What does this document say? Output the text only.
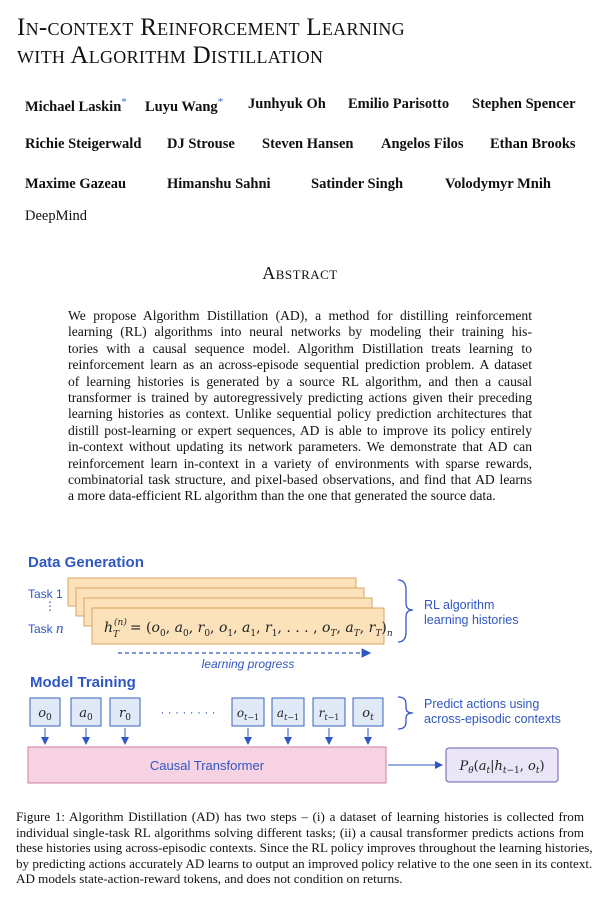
In-context Reinforcement Learning
with Algorithm Distillation
Michael Laskin* Luyu Wang* Junhyuk Oh Emilio Parisotto Stephen Spencer
Richie Steigerwald DJ Strouse Steven Hansen Angelos Filos Ethan Brooks
Maxime Gazeau	Himanshu Sahni	Satinder Singh	Volodymyr Mnih
DeepMind
Abstract
We propose Algorithm Distillation (AD), a method for distilling reinforcement
learning (RL) algorithms into neural networks by modeling their training his-
tories with a causal sequence model. Algorithm Distillation treats learning to
reinforcement learn as an across-episode sequential prediction problem. A dataset
of learning histories is generated by a source RL algorithm, and then a causal
transformer is trained by autoregressively predicting actions given their preceding
learning histories as context. Unlike sequential policy prediction architectures that
distill post-learning or expert sequences, AD is able to improve its policy entirely
in-context without updating its network parameters. We demonstrate that AD can
reinforcement learn in-context in a variety of environments with sparse rewards,
combinatorial task structure, and pixel-based observations, and find that AD learns
a more data-efficient RL algorithm than the one that generated the source data.
Data Generation
Task 1
⋮
Task n	$h_T(n) = (o_0$, $a_0$, $r_0$, $o_1$, $a_1$, $r_1$, . . . , $o_T$, $a_T$, $r_T)_n$
RL algorithm
learning histories
learning progress
Model Training
$o_0$ $a_0$ $r_0$ · · · · · · · · $o_t-1$ $a_t-1$ $r_t-1$ $o_t$
Predict actions using
across-episodic contexts
Causal Transformer	$P_\theta(a_t|h_t-1$, $o_t$)
Figure 1: Algorithm Distillation (AD) has two steps – (i) a dataset of learning histories is collected from
individual single-task RL algorithms solving different tasks; (ii) a causal transformer predicts actions from
these histories using across-episodic contexts. Since the RL policy improves throughout the learning histories,
by predicting actions accurately AD learns to output an improved policy relative to the one seen in its context.
AD models state-action-reward tokens, and does not condition on returns.
